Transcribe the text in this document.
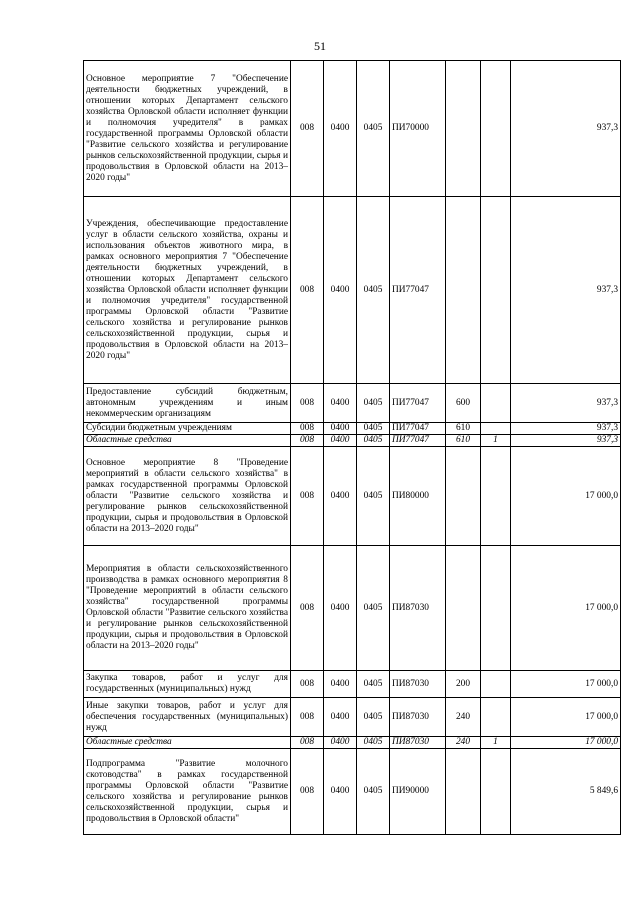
51
Основное мероприятие 7 "Обеспечение деятельности бюджетных учреждений, в отношении которых Департамент сельского хозяйства Орловской области исполняет функции и полномочия учредителя" в рамках государственной программы Орловской области "Развитие сельского хозяйства и регулирование рынков сельскохозяйственной продукции, сырья и продовольствия в Орловской области на 2013–2020 годы"	008	0400	0405	ПИ70000			937,3
Учреждения, обеспечивающие предоставление услуг в области сельского хозяйства, охраны и использования объектов животного мира, в рамках основного мероприятия 7 "Обеспечение деятельности бюджетных учреждений, в отношении которых Департамент сельского хозяйства Орловской области исполняет функции и полномочия учредителя" государственной программы Орловской области "Развитие сельского хозяйства и регулирование рынков сельскохозяйственной продукции, сырья и продовольствия в Орловской области на 2013–2020 годы"	008	0400	0405	ПИ77047			937,3
Предоставление субсидий бюджетным, автономным учреждениям и иным некоммерческим организациям	008	0400	0405	ПИ77047	600		937,3
Субсидии бюджетным учреждениям	008	0400	0405	ПИ77047	610		937,3
Областные средства	008	0400	0405	ПИ77047	610	1	937,3
Основное мероприятие 8 "Проведение мероприятий в области сельского хозяйства" в рамках государственной программы Орловской области "Развитие сельского хозяйства и регулирование рынков сельскохозяйственной продукции, сырья и продовольствия в Орловской области на 2013–2020 годы"	008	0400	0405	ПИ80000			17 000,0
Мероприятия в области сельскохозяйственного производства в рамках основного мероприятия 8 "Проведение мероприятий в области сельского хозяйства" государственной программы Орловской области "Развитие сельского хозяйства и регулирование рынков сельскохозяйственной продукции, сырья и продовольствия в Орловской области на 2013–2020 годы"	008	0400	0405	ПИ87030			17 000,0
Закупка товаров, работ и услуг для государственных (муниципальных) нужд	008	0400	0405	ПИ87030	200		17 000,0
Иные закупки товаров, работ и услуг для обеспечения государственных (муниципальных) нужд	008	0400	0405	ПИ87030	240		17 000,0
Областные средства	008	0400	0405	ПИ87030	240	1	17 000,0
Подпрограмма "Развитие молочного скотоводства" в рамках государственной программы Орловской области "Развитие сельского хозяйства и регулирование рынков сельскохозяйственной продукции, сырья и продовольствия в Орловской области"	008	0400	0405	ПИ90000			5 849,6
